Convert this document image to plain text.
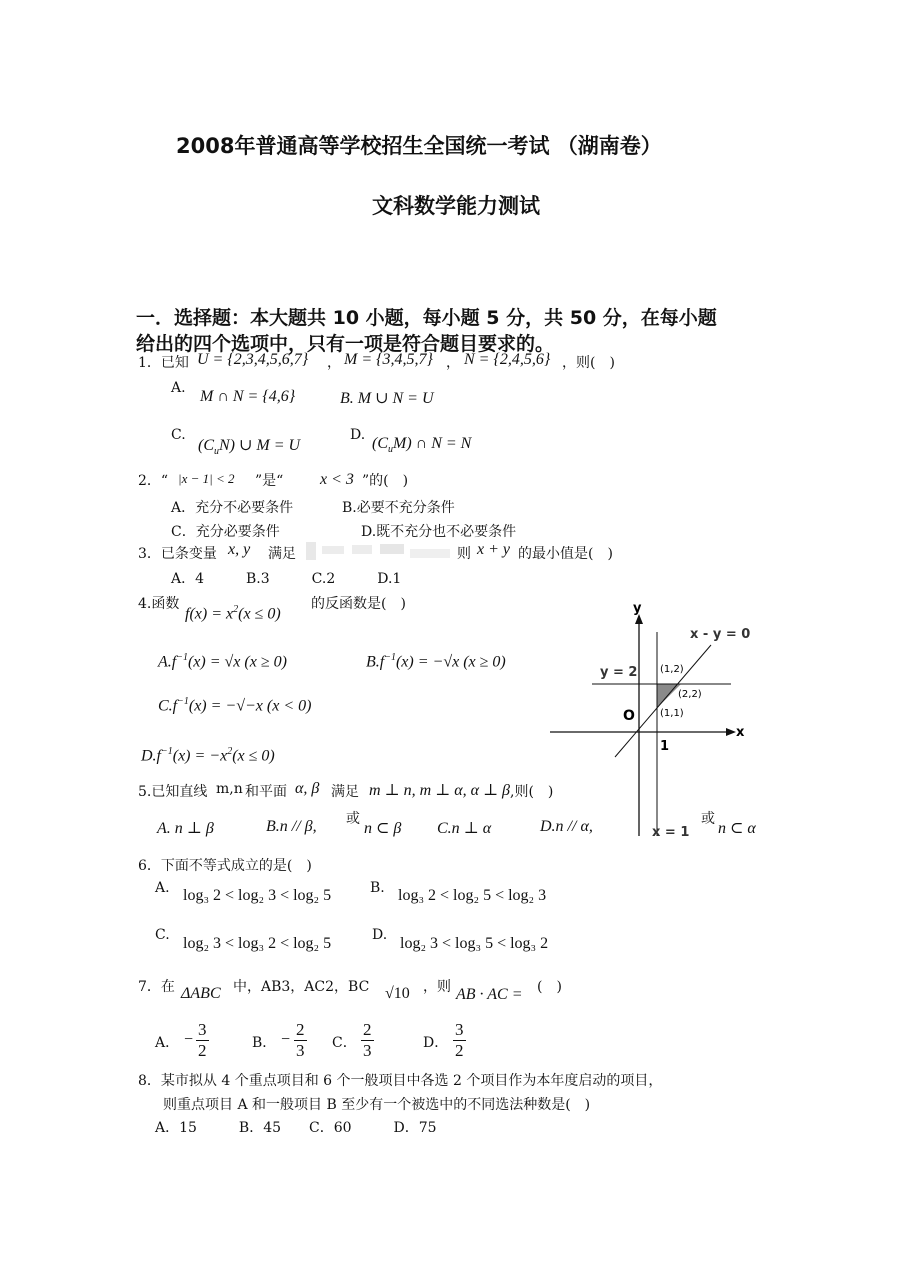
2008年普通高等学校招生全国统一考试 （湖南卷）
文科数学能力测试
一．选择题：本大题共 10 小题，每小题 5 分，共 50 分，在每小题
给出的四个选项中，只有一项是符合题目要求的。
1．已知 U = {2,3,4,5,6,7} ， M = {3,4,5,7} ， N = {2,4,5,6} ，则(　)
A. M ∩ N = {4,6}	B. M ∪ N = U
C.
$(C_uN)$ ∪ M = U
D. $(C_uM)$ ∩ N = N
2．“ |x − 1| < 2 ”是“ x < 3 ”的(　)
A．充分不必要条件	B.必要不充分条件
C．充分必要条件	D.既不充分也不必要条件
3．已条变量 x, y 满足	则 x + y 的最小值是(　)
A．4　　　B.3　　　C.2　　　D.1
4.函数
$f(x) = x^2(x \le 0)$
的反函数是(　)
$A.f^{-1}(x) = √x$ (x ≥ 0)	$B.f^{-1}(x) = -√x$ (x ≥ 0)
$C.f^{-1}(x) = -√-x$ (x < 0)
$D.f^{-1}(x) = -x^2(x \le 0)$
y
x
O
x - y = 0
y = 2
x = 1
1
(1,2)
(2,2)
(1,1)
5.已知直线 m,n 和平面 α, β 满足 m ⊥ n, m ⊥ α, α ⊥ β ,则(　)
A. n ⊥ β	B.n // β, 或
n ⊂ β C.n ⊥ α	D.n // α,	或
n ⊂ α
6．下面不等式成立的是(　)
A. log₃ 2 < log₂ 3 < log₂ 5	B. log₃ 2 < log₂ 5 < log₂ 3
C. log₂ 3 < log₃ 2 < log₂ 5	D. log₂ 3 < log₃ 5 < log₃ 2
7．在 ΔABC 中，AB3，AC2，BC √10 ，则 AB · AC = (　)
A． − $\frac{3}{2}$	B． − $\frac{2}{3}$ C． $\frac{2}{3}$	D． $\frac{3}{2}$
8．某市拟从 4 个重点项目和 6 个一般项目中各选 2 个项目作为本年度启动的项目，
则重点项目 A 和一般项目 B 至少有一个被选中的不同选法种数是(　)
A．15　　　B．45　　C．60　　　D．75
